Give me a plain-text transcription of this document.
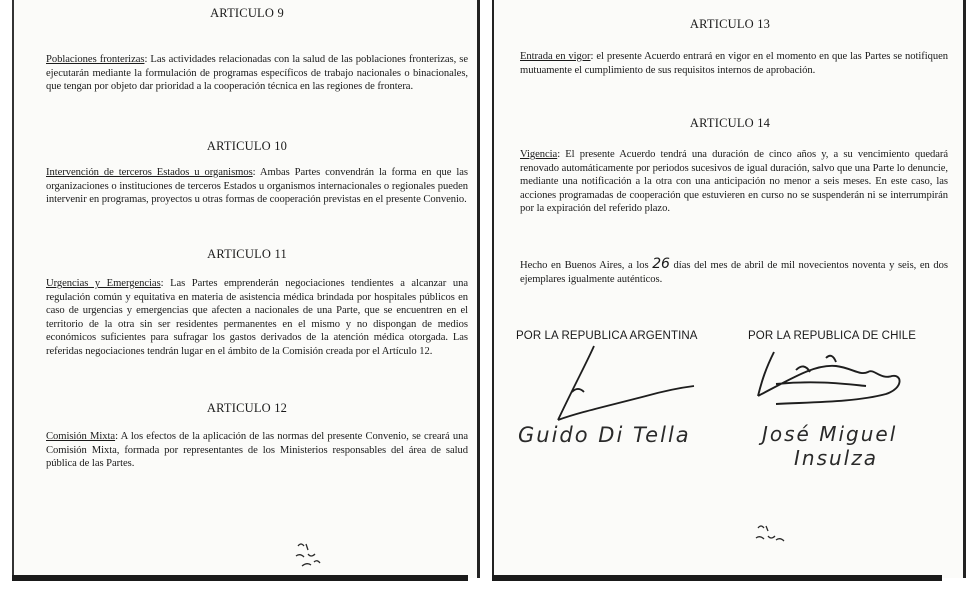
ARTICULO 9
Poblaciones fronterizas: Las actividades relacionadas con la salud de las poblaciones fronterizas, se ejecutarán mediante la formulación de programas específicos de trabajo nacionales o binacionales, que tengan por objeto dar prioridad a la cooperación técnica en las regiones de frontera.
ARTICULO 10
Intervención de terceros Estados u organismos: Ambas Partes convendrán la forma en que las organizaciones o instituciones de terceros Estados u organismos internacionales o regionales pueden intervenir en programas, proyectos u otras formas de cooperación previstas en el presente Convenio.
ARTICULO 11
Urgencias y Emergencias: Las Partes emprenderán negociaciones tendientes a alcanzar una regulación común y equitativa en materia de asistencia médica brindada por hospitales públicos en caso de urgencias y emergencias que afecten a nacionales de una Parte, que se encuentren en el territorio de la otra sin ser residentes permanentes en el mismo y no dispongan de medios económicos suficientes para sufragar los gastos derivados de la atención médica otorgada. Las referidas negociaciones tendrán lugar en el ámbito de la Comisión creada por el Artículo 12.
ARTICULO 12
Comisión Mixta: A los efectos de la aplicación de las normas del presente Convenio, se creará una Comisión Mixta, formada por representantes de los Ministerios responsables del área de salud pública de las Partes.
ARTICULO 13
Entrada en vigor: el presente Acuerdo entrará en vigor en el momento en que las Partes se notifiquen mutuamente el cumplimiento de sus requisitos internos de aprobación.
ARTICULO 14
Vigencia: El presente Acuerdo tendrá una duración de cinco años y, a su vencimiento quedará renovado automáticamente por periodos sucesivos de igual duración, salvo que una Parte lo denuncie, mediante una notificación a la otra con una anticipación no menor a seis meses. En este caso, las acciones programadas de cooperación que estuvieren en curso no se suspenderán ni se interrumpirán por la expiración del referido plazo.
Hecho en Buenos Aires, a los 26 días del mes de abril de mil novecientos noventa y seis, en dos ejemplares igualmente auténticos.
POR LA REPUBLICA ARGENTINA	POR LA REPUBLICA DE CHILE
Guido Di Tella	José Miguel
Insulza
